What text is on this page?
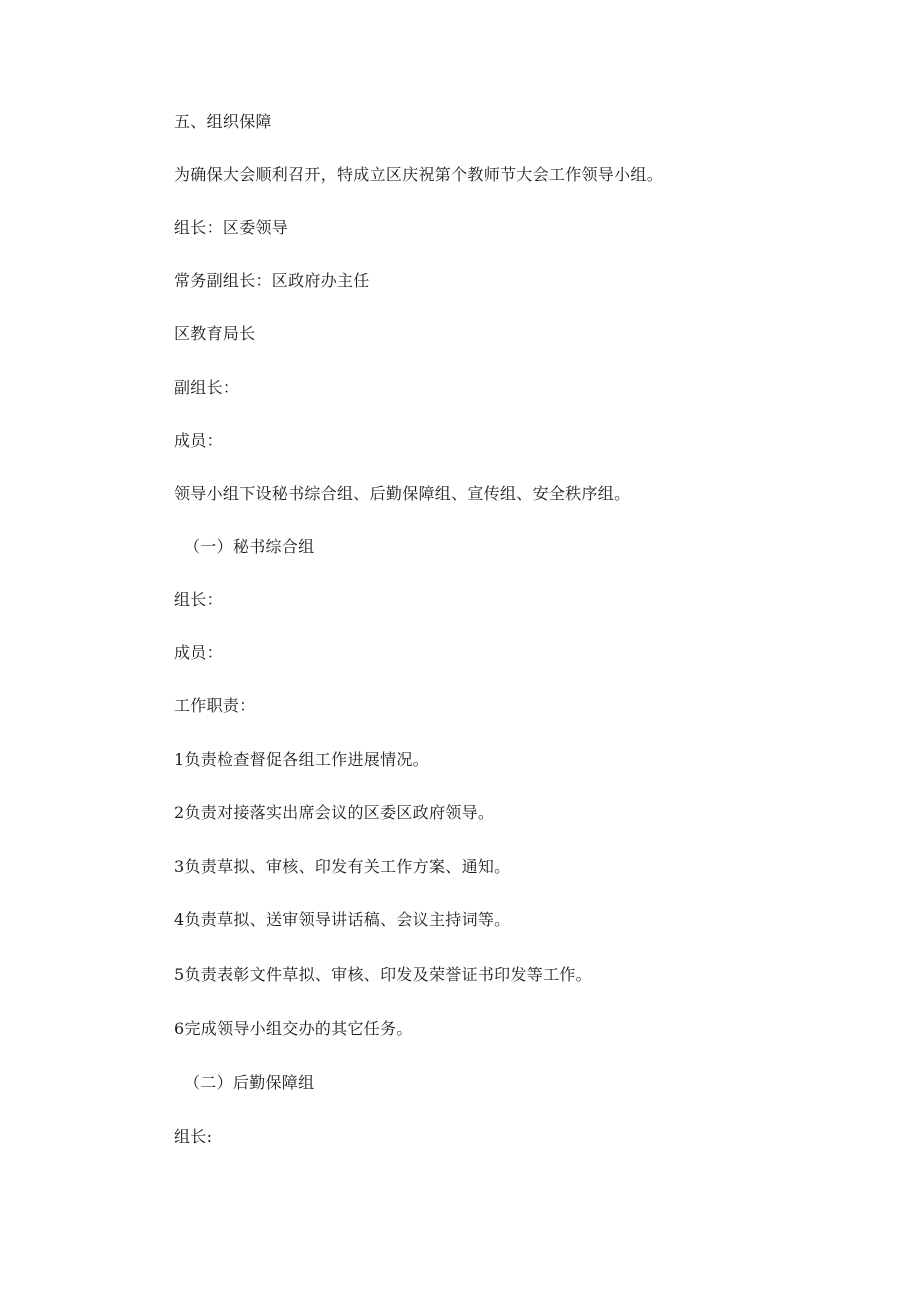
五、组织保障
为确保大会顺利召开，特成立区庆祝第个教师节大会工作领导小组。
组长：区委领导
常务副组长：区政府办主任
区教育局长
副组长：
成员：
领导小组下设秘书综合组、后勤保障组、宣传组、安全秩序组。
（一）秘书综合组
组长：
成员：
工作职责：
1负责检查督促各组工作进展情况。
2负责对接落实出席会议的区委区政府领导。
3负责草拟、审核、印发有关工作方案、通知。
4负责草拟、送审领导讲话稿、会议主持词等。
5负责表彰文件草拟、审核、印发及荣誉证书印发等工作。
6完成领导小组交办的其它任务。
（二）后勤保障组
组长:
